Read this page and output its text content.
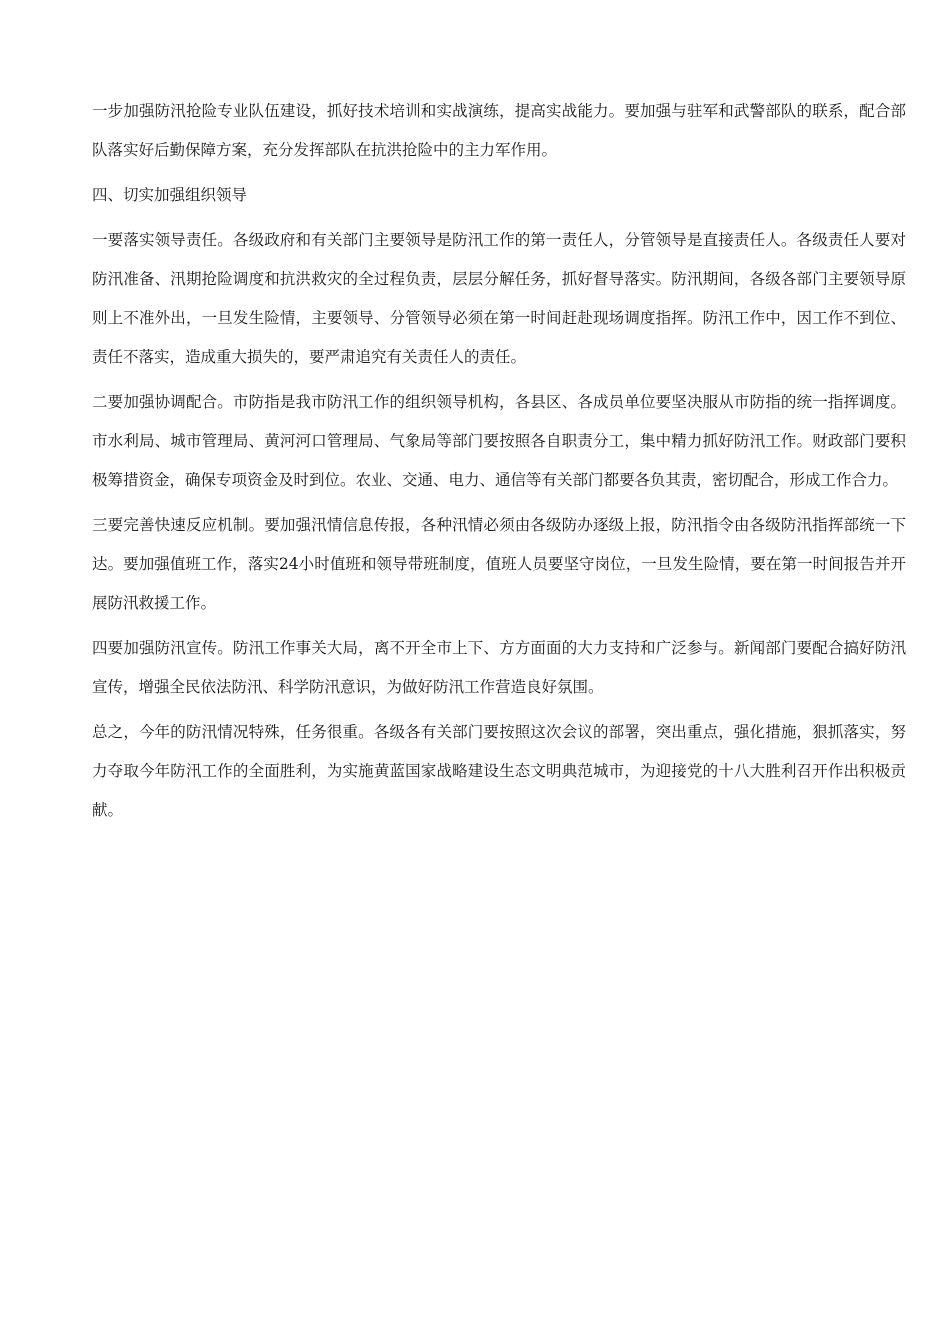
一步加强防汛抢险专业队伍建设，抓好技术培训和实战演练，提高实战能力。要加强与驻军和武警部队的联系，配合部队落实好后勤保障方案，充分发挥部队在抗洪抢险中的主力军作用。

四、切实加强组织领导

一要落实领导责任。各级政府和有关部门主要领导是防汛工作的第一责任人，分管领导是直接责任人。各级责任人要对防汛准备、汛期抢险调度和抗洪救灾的全过程负责，层层分解任务，抓好督导落实。防汛期间，各级各部门主要领导原则上不准外出，一旦发生险情，主要领导、分管领导必须在第一时间赶赴现场调度指挥。防汛工作中，因工作不到位、责任不落实，造成重大损失的，要严肃追究有关责任人的责任。

二要加强协调配合。市防指是我市防汛工作的组织领导机构，各县区、各成员单位要坚决服从市防指的统一指挥调度。市水利局、城市管理局、黄河河口管理局、气象局等部门要按照各自职责分工，集中精力抓好防汛工作。财政部门要积极筹措资金，确保专项资金及时到位。农业、交通、电力、通信等有关部门都要各负其责，密切配合，形成工作合力。

三要完善快速反应机制。要加强汛情信息传报，各种汛情必须由各级防办逐级上报，防汛指令由各级防汛指挥部统一下达。要加强值班工作，落实24小时值班和领导带班制度，值班人员要坚守岗位，一旦发生险情，要在第一时间报告并开展防汛救援工作。

四要加强防汛宣传。防汛工作事关大局，离不开全市上下、方方面面的大力支持和广泛参与。新闻部门要配合搞好防汛宣传，增强全民依法防汛、科学防汛意识，为做好防汛工作营造良好氛围。

总之，今年的防汛情况特殊，任务很重。各级各有关部门要按照这次会议的部署，突出重点，强化措施，狠抓落实，努力夺取今年防汛工作的全面胜利，为实施黄蓝国家战略建设生态文明典范城市，为迎接党的十八大胜利召开作出积极贡献。
